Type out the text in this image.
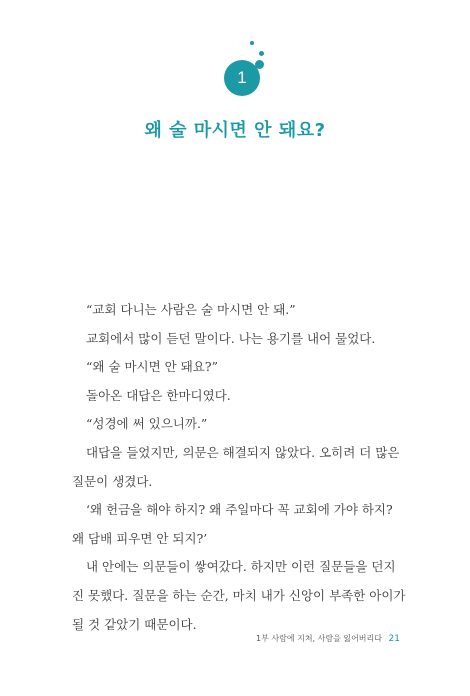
1
왜 술 마시면 안 돼요?

“교회 다니는 사람은 술 마시면 안 돼.”

교회에서 많이 듣던 말이다. 나는 용기를 내어 물었다.

“왜 술 마시면 안 돼요?”

돌아온 대답은 한마디였다.

“성경에 써 있으니까.”

대답을 들었지만, 의문은 해결되지 않았다. 오히려 더 많은 질문이 생겼다.

‘왜 헌금을 해야 하지? 왜 주일마다 꼭 교회에 가야 하지? 왜 담배 피우면 안 되지?’

내 안에는 의문들이 쌓여갔다. 하지만 이런 질문들을 던지진 못했다. 질문을 하는 순간, 마치 내가 신앙이 부족한 아이가 될 것 같았기 때문이다.

1부 사람에 지쳐, 사람을 잃어버리다 21
